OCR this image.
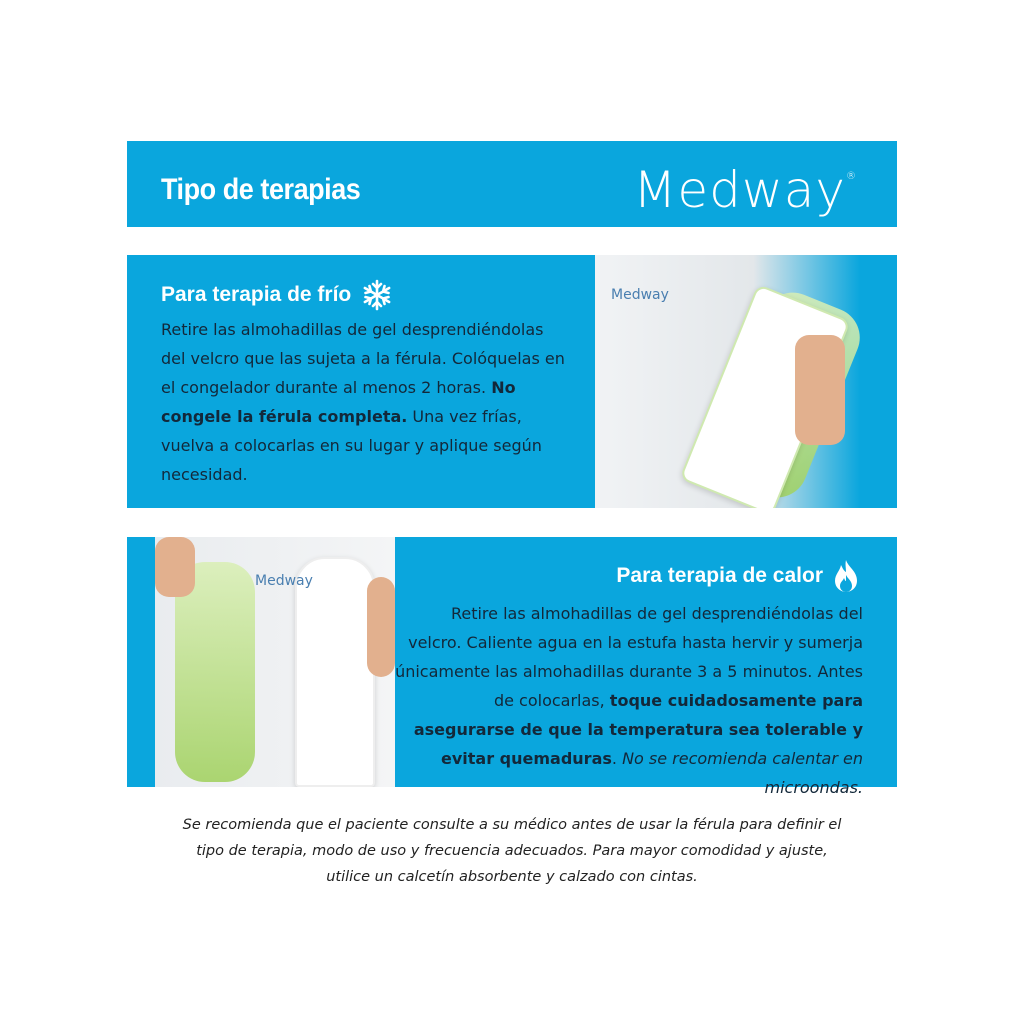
Tipo de terapias	Medway®
Para terapia de frío
Retire las almohadillas de gel desprendiéndolas del velcro que las sujeta a la férula. Colóquelas en el congelador durante al menos 2 horas. No congele la férula completa. Una vez frías, vuelva a colocarlas en su lugar y aplique según necesidad.
Medway
Medway	Para terapia de calor
Retire las almohadillas de gel desprendiéndolas del velcro. Caliente agua en la estufa hasta hervir y sumerja únicamente las almohadillas durante 3 a 5 minutos. Antes de colocarlas, toque cuidadosamente para asegurarse de que la temperatura sea tolerable y evitar quemaduras. No se recomienda calentar en microondas.
Se recomienda que el paciente consulte a su médico antes de usar la férula para definir el
tipo de terapia, modo de uso y frecuencia adecuados. Para mayor comodidad y ajuste,
utilice un calcetín absorbente y calzado con cintas.
